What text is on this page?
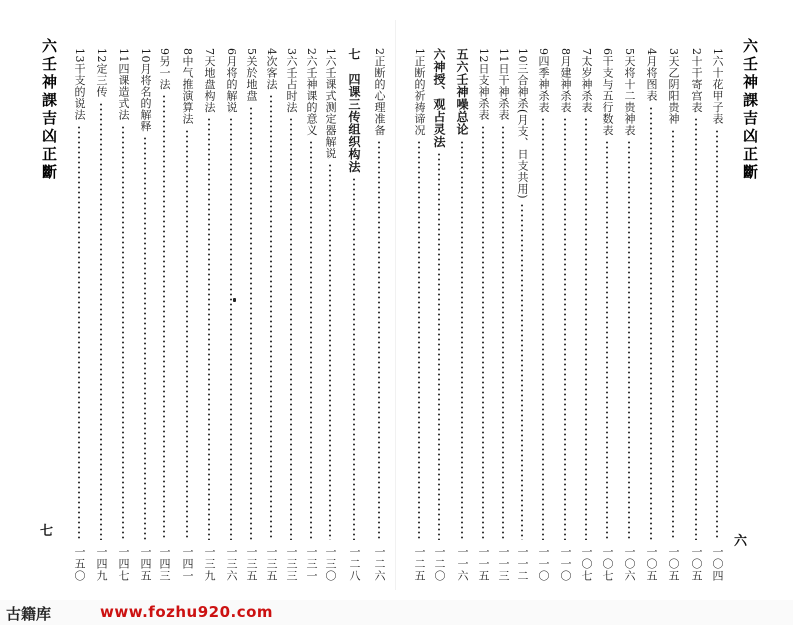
六壬神課吉凶正斷
七
2正断的心理准备
一二六
七　四课三传组织构法
一二八
1六壬课式测定器解说
一三〇
2六壬神课的意义
一三一
3六壬占时法
一三三
4次客法
一三五
5关於地盘
一三五
6月将的解说
一三六
7天地盘构法
一三九
8中气推演算法
一四一
9另一法
一四三
10月将名的解释
一四五
11四课造式法
一四七
12定三传
一四九
13干支的说法
一五〇
六壬神課吉凶正斷
六
1六十花甲子表
一〇四
2十干寄宫表
一〇五
3天乙阴阳贵神
一〇五
4月将图表
一〇五
5天将十二贵神表
一〇六
6干支与五行数表
一〇七
7太岁神杀表
一〇七
8月建神杀表
一一〇
9四季神杀表
一一〇
10三合神杀(月支、日支共用)
一一二
11日干神杀表
一一三
12日支神杀表
一一五
五六壬神噪总论
一一六
六神授、观占灵法
一二〇
1正断的祈祷谛况
一二五
古籍库	www.fozhu920.com
